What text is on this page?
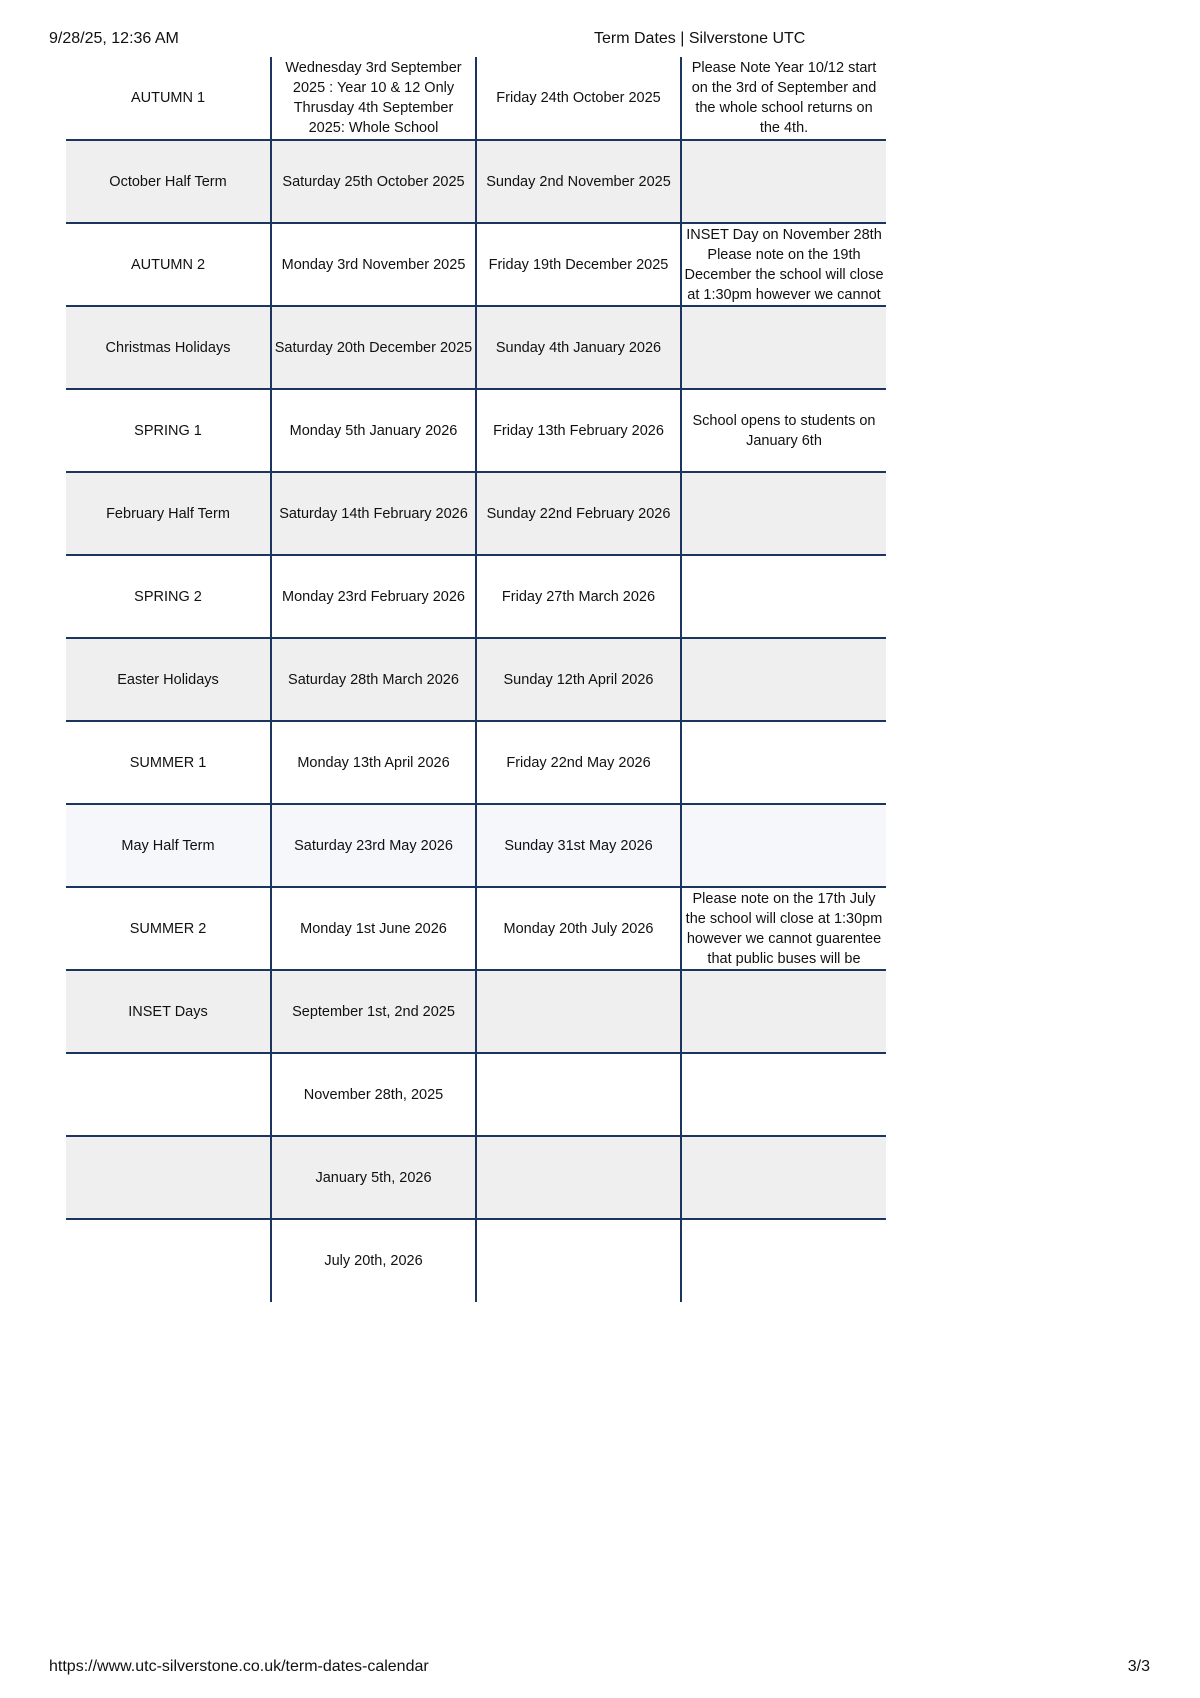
9/28/25, 12:36 AM	Term Dates | Silverstone UTC
AUTUMN 1	Wednesday 3rd September 2025 : Year 10 & 12 Only Thrusday 4th September 2025: Whole School	Friday 24th October 2025	Please Note Year 10/12 start on the 3rd of September and the whole school returns on the 4th.

October Half Term	Saturday 25th October 2025	Sunday 2nd November 2025	
AUTUMN 2	Monday 3rd November 2025	Friday 19th December 2025	INSET Day on November 28th Please note on the 19th December the school will close at 1:30pm however we cannot

Christmas Holidays	Saturday 20th December 2025	Sunday 4th January 2026	
SPRING 1	Monday 5th January 2026	Friday 13th February 2026	School opens to students on January 6th
February Half Term	Saturday 14th February 2026	Sunday 22nd February 2026	
SPRING 2	Monday 23rd February 2026	Friday 27th March 2026	
Easter Holidays	Saturday 28th March 2026	Sunday 12th April 2026	
SUMMER 1	Monday 13th April 2026	Friday 22nd May 2026	
May Half Term	Saturday 23rd May 2026	Sunday 31st May 2026	
SUMMER 2	Monday 1st June 2026	Monday 20th July 2026	Please note on the 17th July the school will close at 1:30pm however we cannot guarentee that public buses will be

INSET Days	September 1st, 2nd 2025		
	November 28th, 2025		
	January 5th, 2026		
	July 20th, 2026		
https://www.utc-silverstone.co.uk/term-dates-calendar	3/3
